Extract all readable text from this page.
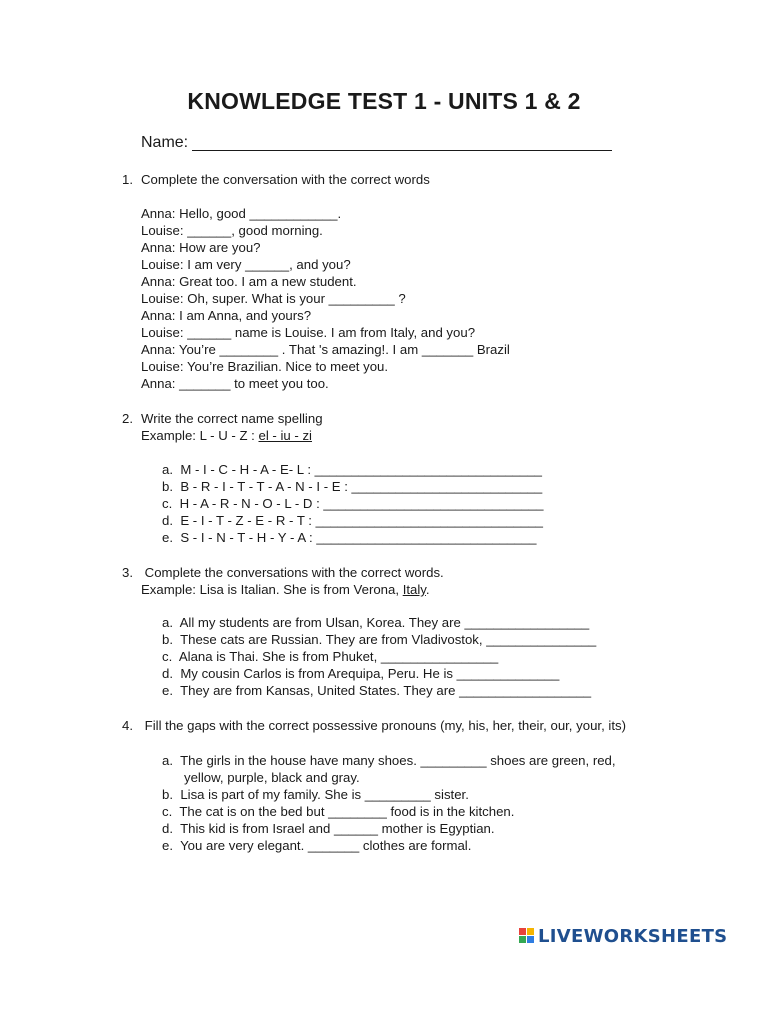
KNOWLEDGE TEST 1 - UNITS 1 & 2
Name:
1. Complete the conversation with the correct words
Anna: Hello, good ____________.
Louise: ______, good morning.
Anna: How are you?
Louise: I am very ______, and you?
Anna: Great too. I am a new student.
Louise: Oh, super. What is your _________ ?
Anna: I am Anna, and yours?
Louise: ______ name is Louise. I am from Italy, and you?
Anna: You’re ________ . That 's amazing!. I am _______ Brazil
Louise: You’re Brazilian. Nice to meet you.
Anna: _______ to meet you too.
2. Write the correct name spelling
Example: L - U - Z : el - iu - zi
a.  M - I - C - H - A - E- L : _______________________________
b.  B - R - I - T - T - A - N - I - E : __________________________
c.  H - A - R - N - O - L - D : ______________________________
d.  E - I - T - Z - E - R - T : _______________________________
e.  S - I - N - T - H - Y - A : ______________________________
3. Complete the conversations with the correct words.
Example: Lisa is Italian. She is from Verona, Italy.
a.  All my students are from Ulsan, Korea. They are _________________
b.  These cats are Russian. They are from Vladivostok, _______________
c.  Alana is Thai. She is from Phuket, ________________
d.  My cousin Carlos is from Arequipa, Peru. He is ______________
e.  They are from Kansas, United States. They are __________________
4. Fill the gaps with the correct possessive pronouns (my, his, her, their, our, your, its)
a.  The girls in the house have many shoes. _________ shoes are green, red,
yellow, purple, black and gray.
b.  Lisa is part of my family. She is _________ sister.
c.  The cat is on the bed but ________ food is in the kitchen.
d.  This kid is from Israel and ______ mother is Egyptian.
e.  You are very elegant. _______ clothes are formal.
LIVEWORKSHEETS
